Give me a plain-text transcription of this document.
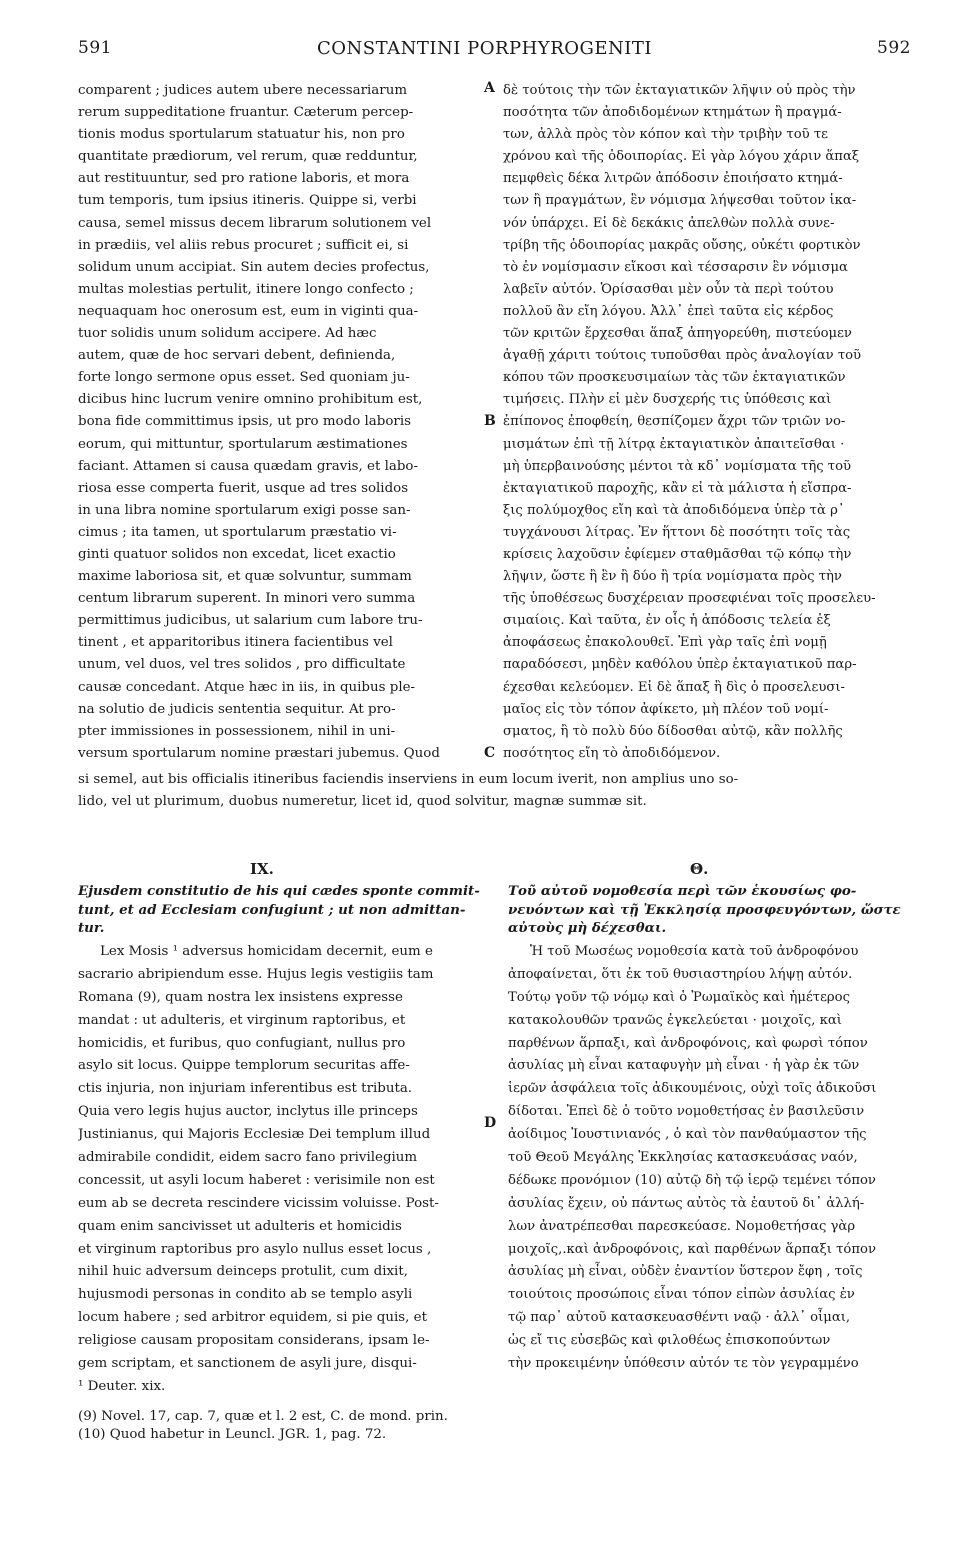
591	CONSTANTINI PORPHYROGENITI	592
comparent ; judices autem ubere necessariarum
rerum suppeditatione fruantur. Cæterum percep-
tionis modus sportularum statuatur his, non pro
quantitate prædiorum, vel rerum, quæ redduntur,
aut restituuntur, sed pro ratione laboris, et mora
tum temporis, tum ipsius itineris. Quippe si, verbi
causa, semel missus decem librarum solutionem vel
in prædiis, vel aliis rebus procuret ; sufficit ei, si
solidum unum accipiat. Sin autem decies profectus,
multas molestias pertulit, itinere longo confecto ;
nequaquam hoc onerosum est, eum in viginti qua-
tuor solidis unum solidum accipere. Ad hæc
autem, quæ de hoc servari debent, definienda,
forte longo sermone opus esset. Sed quoniam ju-
dicibus hinc lucrum venire omnino prohibitum est,
bona fide committimus ipsis, ut pro modo laboris
eorum, qui mittuntur, sportularum æstimationes
faciant. Attamen si causa quædam gravis, et labo-
riosa esse comperta fuerit, usque ad tres solidos
in una libra nomine sportularum exigi posse san-
cimus ; ita tamen, ut sportularum præstatio vi-
ginti quatuor solidos non excedat, licet exactio
maxime laboriosa sit, et quæ solvuntur, summam
centum librarum superent. In minori vero summa
permittimus judicibus, ut salarium cum labore tru-
tinent , et apparitoribus itinera facientibus vel
unum, vel duos, vel tres solidos , pro difficultate
causæ concedant. Atque hæc in iis, in quibus ple-
na solutio de judicis sententia sequitur. At pro-
pter immissiones in possessionem, nihil in uni-
versum sportularum nomine præstari jubemus. Quod
δὲ τούτοις τὴν τῶν ἐκταγιατικῶν λῆψιν οὐ πρὸς τὴν
ποσότητα τῶν ἀποδιδομένων κτημάτων ἢ πραγμά-
των, ἀλλὰ πρὸς τὸν κόπον καὶ τὴν τριβὴν τοῦ τε
χρόνου καὶ τῆς ὁδοιπορίας. Εἰ γὰρ λόγου χάριν ἅπαξ
πεμφθεὶς δέκα λιτρῶν ἀπόδοσιν ἐποιήσατο κτημά-
των ἢ πραγμάτων, ἓν νόμισμα λήψεσθαι τοῦτον ἱκα-
νόν ὑπάρχει. Εἰ δὲ δεκάκις ἀπελθὼν πολλὰ συνε-
τρίβη τῆς ὁδοιπορίας μακρᾶς οὔσης, οὐκέτι φορτικὸν
τὸ ἐν νομίσμασιν εἴκοσι καὶ τέσσαρσιν ἓν νόμισμα
λαβεῖν αὐτόν. Ὁρίσασθαι μὲν οὖν τὰ περὶ τούτου
πολλοῦ ἂν εἴη λόγου. Ἀλλ᾽ ἐπεὶ ταῦτα εἰς κέρδος
τῶν κριτῶν ἔρχεσθαι ἅπαξ ἀπηγορεύθη, πιστεύομεν
ἀγαθῇ χάριτι τούτοις τυποῦσθαι πρὸς ἀναλογίαν τοῦ
κόπου τῶν προσκευσιμαίων τὰς τῶν ἐκταγιατικῶν
τιμήσεις. Πλὴν εἰ μὲν δυσχερής τις ὑπόθεσις καὶ
ἐπίπονος ἐποφθείη, θεσπίζομεν ἄχρι τῶν τριῶν νο-
μισμάτων ἐπὶ τῇ λίτρᾳ ἐκταγιατικὸν ἀπαιτεῖσθαι ·
μὴ ὑπερβαινούσης μέντοι τὰ κδ᾽ νομίσματα τῆς τοῦ
ἐκταγιατικοῦ παροχῆς, κἂν εἰ τὰ μάλιστα ἡ εἴσπρα-
ξις πολύμοχθος εἴη καὶ τὰ ἀποδιδόμενα ὑπὲρ τὰ ρ᾽
τυγχάνουσι λίτρας. Ἐν ἥττονι δὲ ποσότητι τοῖς τὰς
κρίσεις λαχοῦσιν ἐφίεμεν σταθμᾶσθαι τῷ κόπῳ τὴν
λῆψιν, ὥστε ἢ ἓν ἢ δύο ἢ τρία νομίσματα πρὸς τὴν
τῆς ὑποθέσεως δυσχέρειαν προσεφιέναι τοῖς προσελευ-
σιμαίοις. Καὶ ταῦτα, ἐν οἷς ἡ ἀπόδοσις τελεία ἐξ
ἀποφάσεως ἐπακολουθεῖ. Ἐπὶ γὰρ ταῖς ἐπὶ νομῇ
παραδόσεσι, μηδὲν καθόλου ὑπὲρ ἐκταγιατικοῦ παρ-
έχεσθαι κελεύομεν. Εἰ δὲ ἅπαξ ἢ δὶς ὁ προσελευσι-
μαῖος εἰς τὸν τόπον ἀφίκετο, μὴ πλέον τοῦ νομί-
σματος, ἢ τὸ πολὺ δύο δίδοσθαι αὐτῷ, κἂν πολλῆς
ποσότητος εἴη τὸ ἀποδιδόμενον.
A
B
C
D
si semel, aut bis officialis itineribus faciendis inserviens in eum locum iverit, non amplius uno so-
lido, vel ut plurimum, duobus numeretur, licet id, quod solvitur, magnæ summæ sit.
IX.	Θ.
Ejusdem constitutio de his qui cædes sponte commit-tunt, et ad Ecclesiam confugiunt ; ut non admittan-tur.
Τοῦ αὐτοῦ νομοθεσία περὶ τῶν ἑκουσίως φο-νευόντων καὶ τῇ Ἐκκλησίᾳ προσφευγόντων, ὥστε αὐτοὺς μὴ δέχεσθαι.
Lex Mosis ¹ adversus homicidam decernit, eum e
sacrario abripiendum esse. Hujus legis vestigiis tam
Romana (9), quam nostra lex insistens expresse
mandat : ut adulteris, et virginum raptoribus, et
homicidis, et furibus, quo confugiant, nullus pro
asylo sit locus. Quippe templorum securitas affe-
ctis injuria, non injuriam inferentibus est tributa.
Quia vero legis hujus auctor, inclytus ille princeps
Justinianus, qui Majoris Ecclesiæ Dei templum illud
admirabile condidit, eidem sacro fano privilegium
concessit, ut asyli locum haberet : verisimile non est
eum ab se decreta rescindere vicissim voluisse. Post-
quam enim sancivisset ut adulteris et homicidis
et virginum raptoribus pro asylo nullus esset locus ,
nihil huic adversum deinceps protulit, cum dixit,
hujusmodi personas in condito ab se templo asyli
locum habere ; sed arbitror equidem, si pie quis, et
religiose causam propositam considerans, ipsam le-
gem scriptam, et sanctionem de asyli jure, disqui-
Ἡ τοῦ Μωσέως νομοθεσία κατὰ τοῦ ἀνδροφόνου
ἀποφαίνεται, ὅτι ἐκ τοῦ θυσιαστηρίου λήψῃ αὐτόν.
Τούτῳ γοῦν τῷ νόμῳ καὶ ὁ Ῥωμαϊκὸς καὶ ἡμέτερος
κατακολουθῶν τρανῶς ἐγκελεύεται · μοιχοῖς, καὶ
παρθένων ἅρπαξι, καὶ ἀνδροφόνοις, καὶ φωρσὶ τόπον
ἀσυλίας μὴ εἶναι καταφυγὴν μὴ εἶναι · ἡ γὰρ ἐκ τῶν
ἱερῶν ἀσφάλεια τοῖς ἀδικουμένοις, οὐχὶ τοῖς ἀδικοῦσι
δίδοται. Ἐπεὶ δὲ ὁ τοῦτο νομοθετήσας ἐν βασιλεῦσιν
ἀοίδιμος Ἰουστινιανός , ὁ καὶ τὸν πανθαύμαστον τῆς
τοῦ Θεοῦ Μεγάλης Ἐκκλησίας κατασκευάσας ναόν,
δέδωκε προνόμιον (10) αὐτῷ δὴ τῷ ἱερῷ τεμένει τόπον
ἀσυλίας ἔχειν, οὐ πάντως αὐτὸς τὰ ἑαυτοῦ δι᾽ ἀλλή-
λων ἀνατρέπεσθαι παρεσκεύασε. Νομοθετήσας γὰρ
μοιχοῖς,.καὶ ἀνδροφόνοις, καὶ παρθένων ἅρπαξι τόπον
ἀσυλίας μὴ εἶναι, οὐδὲν ἐναντίον ὕστερον ἔφη , τοῖς
τοιούτοις προσώποις εἶναι τόπον εἰπὼν ἀσυλίας ἐν
τῷ παρ᾽ αὐτοῦ κατασκευασθέντι ναῷ · ἀλλ᾽ οἶμαι,
ὡς εἴ τις εὐσεβῶς καὶ φιλοθέως ἐπισκοπούντων
τὴν προκειμένην ὑπόθεσιν αὐτόν τε τὸν γεγραμμένο
¹ Deuter. xix.
(9) Novel. 17, cap. 7, quæ et l. 2 est, C. de mond. prin.
(10) Quod habetur in Leuncl. JGR. 1, pag. 72.
